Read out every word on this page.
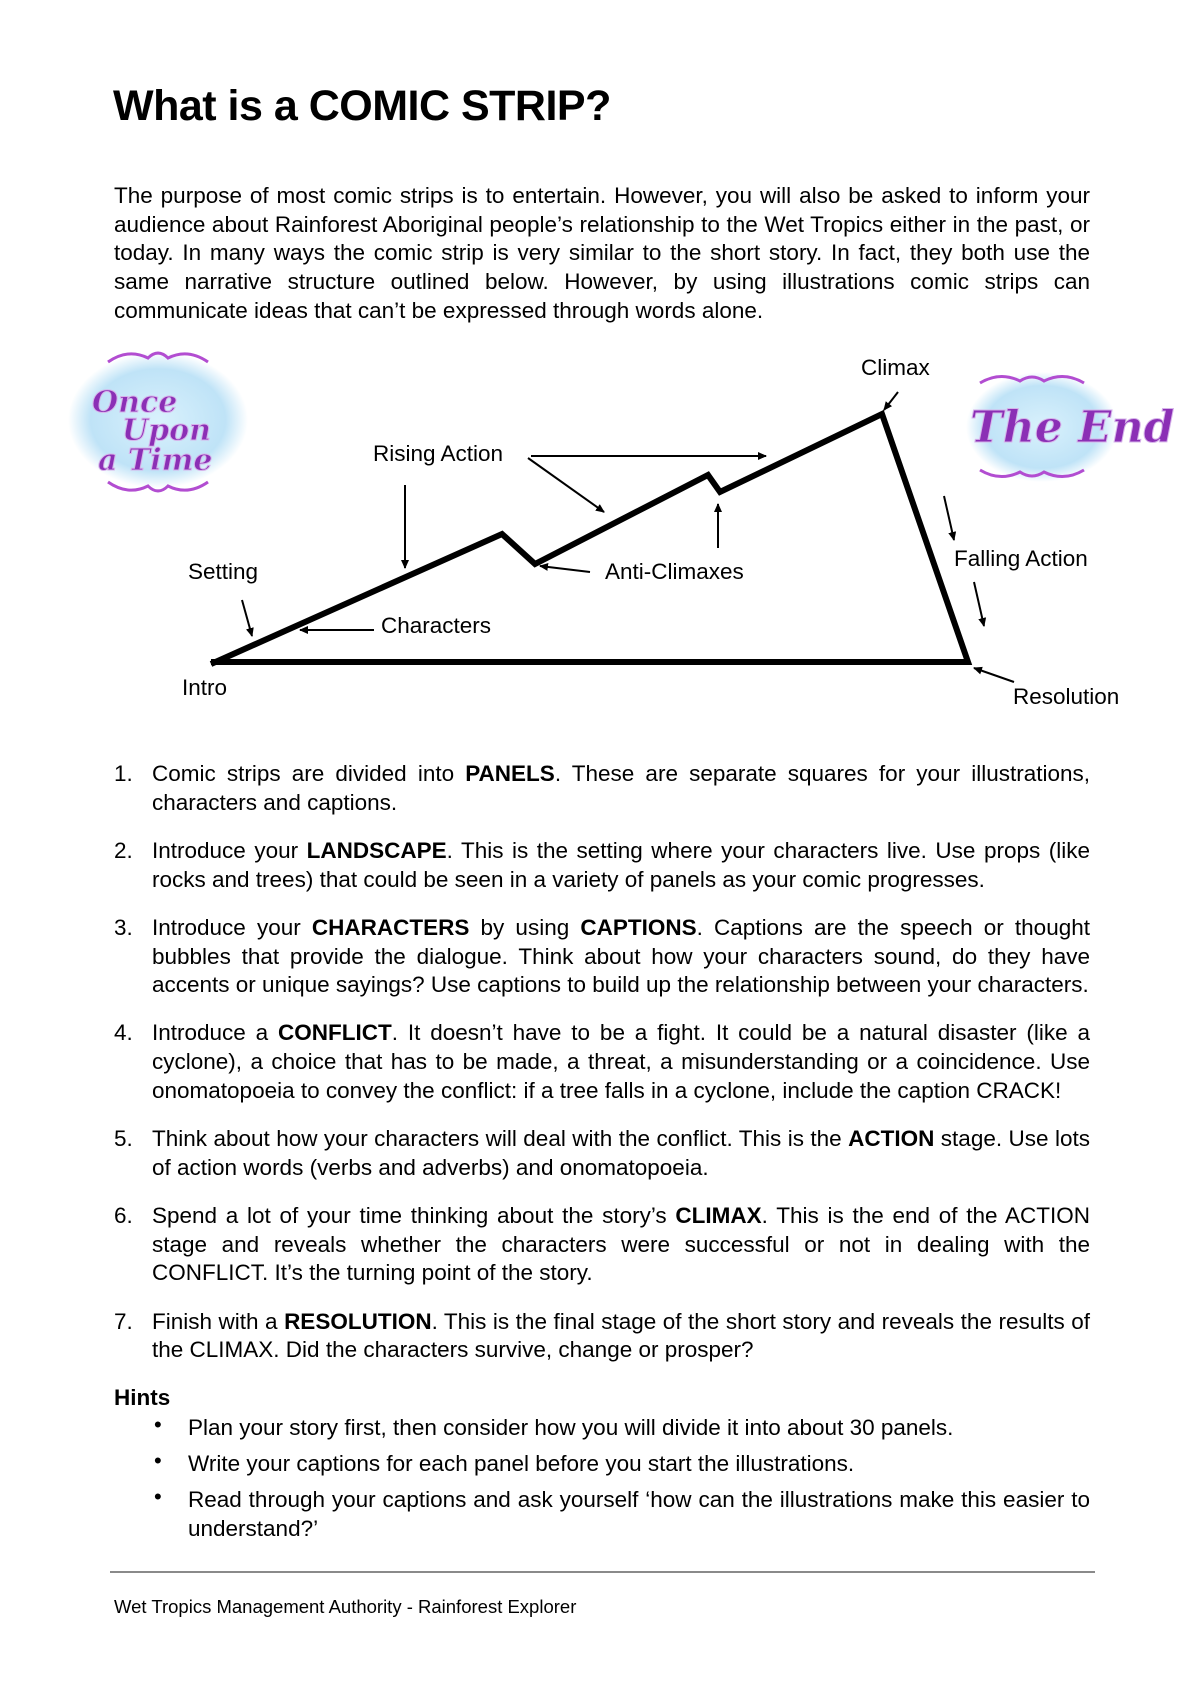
What is a COMIC STRIP?

The purpose of most comic strips is to entertain. However, you will also be asked to inform your audience about Rainforest Aboriginal people’s relationship to the Wet Tropics either in the past, or today. In many ways the comic strip is very similar to the short story. In fact, they both use the same narrative structure outlined below. However, by using illustrations comic strips can communicate ideas that can’t be expressed through words alone.

Once
Upon
a Time
The End
Climax
Rising Action
Setting	Anti-Climaxes
Falling Action
Characters
Intro	Resolution
1. Comic strips are divided into PANELS. These are separate squares for your illustrations, characters and captions.
2. Introduce your LANDSCAPE. This is the setting where your characters live. Use props (like rocks and trees) that could be seen in a variety of panels as your comic progresses.
3. Introduce your CHARACTERS by using CAPTIONS. Captions are the speech or thought bubbles that provide the dialogue. Think about how your characters sound, do they have accents or unique sayings? Use captions to build up the relationship between your characters.
4. Introduce a CONFLICT. It doesn’t have to be a fight. It could be a natural disaster (like a cyclone), a choice that has to be made, a threat, a misunderstanding or a coincidence. Use onomatopoeia to convey the conflict: if a tree falls in a cyclone, include the caption CRACK!
5. Think about how your characters will deal with the conflict. This is the ACTION stage. Use lots of action words (verbs and adverbs) and onomatopoeia.
6. Spend a lot of your time thinking about the story’s CLIMAX. This is the end of the ACTION stage and reveals whether the characters were successful or not in dealing with the CONFLICT. It’s the turning point of the story.
7. Finish with a RESOLUTION. This is the final stage of the short story and reveals the results of the CLIMAX. Did the characters survive, change or prosper?
Hints
• Plan your story first, then consider how you will divide it into about 30 panels.
• Write your captions for each panel before you start the illustrations.
• Read through your captions and ask yourself ‘how can the illustrations make this easier to understand?’
Wet Tropics Management Authority - Rainforest Explorer
